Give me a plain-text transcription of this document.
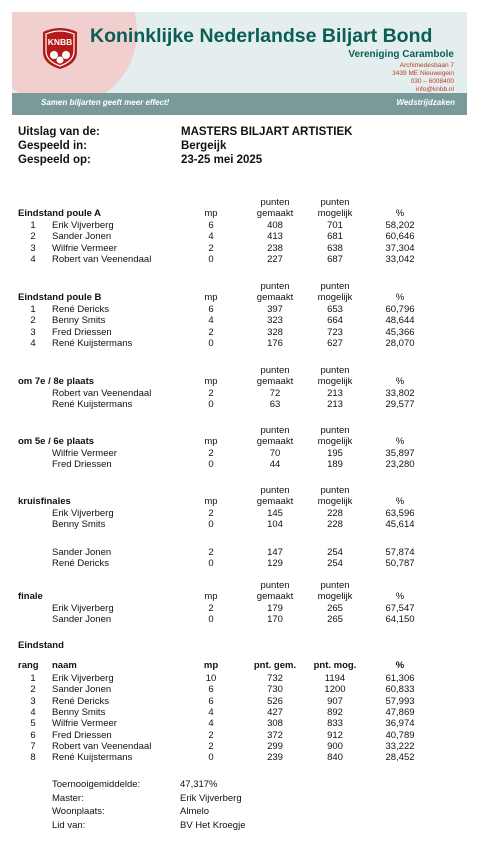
KNBB Koninklijke Nederlandse Biljart Bond
Vereniging Carambole
Archimedesbaan 7
3439 ME Nieuwegein
030 – 6008400
info@knbb.nl
Samen biljarten geeft meer effect!	Wedstrijdzaken
Uitslag van de:	MASTERS BILJART ARTISTIEK
Gespeeld in:	Bergeijk
Gespeeld op:	23-25 mei 2025
punten	punten
mp	gemaakt	mogelijk	%
Eindstand poule A
1	Erik Vijverberg	6	408	701	58,202
2	Sander Jonen	4	413	681	60,646
3	Wilfrie Vermeer	2	238	638	37,304
4	Robert van Veenendaal	0	227	687	33,042
punten	punten
mp	gemaakt	mogelijk	%
Eindstand poule B
1	René Dericks	6	397	653	60,796
2	Benny Smits	4	323	664	48,644
3	Fred Driessen	2	328	723	45,366
4	René Kuijstermans	0	176	627	28,070
punten	punten
mp	gemaakt	mogelijk	%
om 7e / 8e plaats
Robert van Veenendaal	2	72	213	33,802
René Kuijstermans	0	63	213	29,577
punten	punten
mp	gemaakt	mogelijk	%
om 5e / 6e plaats
Wilfrie Vermeer	2	70	195	35,897
Fred Driessen	0	44	189	23,280
punten	punten
mp	gemaakt	mogelijk	%
kruisfinales
Erik Vijverberg	2	145	228	63,596
Benny Smits	0	104	228	45,614
Sander Jonen	2	147	254	57,874
René Dericks	0	129	254	50,787
punten	punten
mp	gemaakt	mogelijk	%
finale
Erik Vijverberg	2	179	265	67,547
Sander Jonen	0	170	265	64,150
Eindstand
rang naam	mp	pnt. gem.	pnt. mog.	%
1	Erik Vijverberg	10	732	1194	61,306
2	Sander Jonen	6	730	1200	60,833
3	René Dericks	6	526	907	57,993
4	Benny Smits	4	427	892	47,869
5	Wilfrie Vermeer	4	308	833	36,974
6	Fred Driessen	2	372	912	40,789
7	Robert van Veenendaal	2	299	900	33,222
8	René Kuijstermans	0	239	840	28,452
Toernooigemiddelde:	47,317%
Master:	Erik Vijverberg
Woonplaats:	Almelo
Lid van:	BV Het Kroegje
